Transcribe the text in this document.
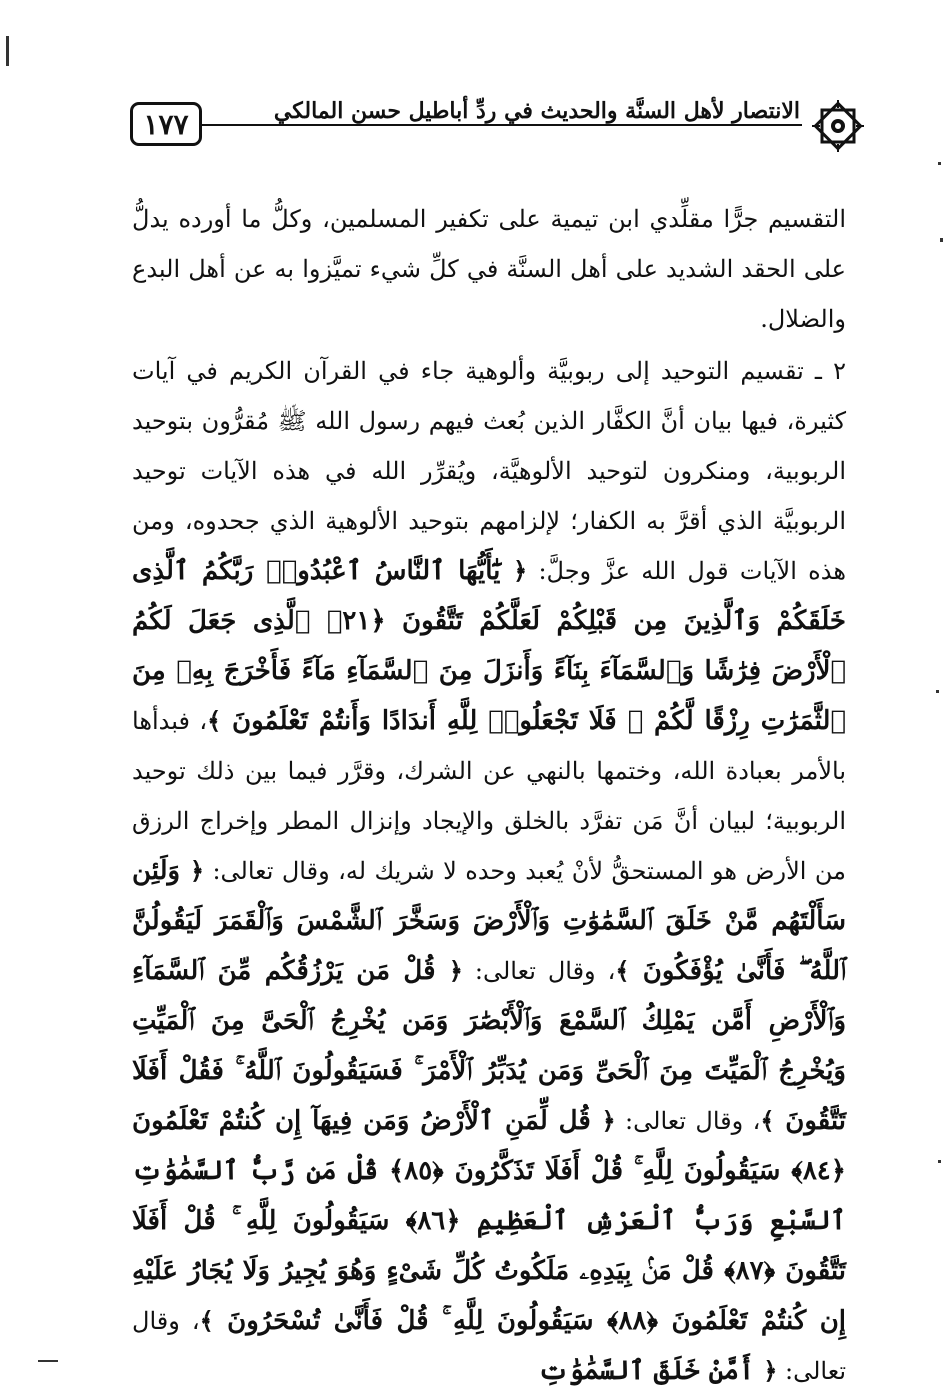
١٧٧	الانتصار لأهل السنَّة والحديث في ردِّ أباطيل حسن المالكي

التقسيم جرًّا مقلِّدي ابن تيمية على تكفير المسلمين، وكلُّ ما أورده يدلُّ على الحقد الشديد على أهل السنَّة في كلِّ شيء تميَّزوا به عن أهل البدع والضلال.

٢ ـ تقسيم التوحيد إلى ربوبيَّة وألوهية جاء في القرآن الكريم في آيات كثيرة، فيها بيان أنَّ الكفَّار الذين بُعث فيهم رسول الله ﷺ مُقرُّون بتوحيد الربوبية، ومنكرون لتوحيد الألوهيَّة، ويُقرِّر الله في هذه الآيات توحيد الربوبيَّة الذي أقرَّ به الكفار؛ لإلزامهم بتوحيد الألوهية الذي جحدوه، ومن هذه الآيات قول الله عزَّ وجلَّ: ﴿ يَٰٓأَيُّهَا ٱلنَّاسُ ٱعْبُدُوا۟ رَبَّكُمُ ٱلَّذِى خَلَقَكُمْ وَٱلَّذِينَ مِن قَبْلِكُمْ لَعَلَّكُمْ تَتَّقُونَ ﴿٢١﴾ ٱلَّذِى جَعَلَ لَكُمُ ٱلْأَرْضَ فِرَٰشًا وَٱلسَّمَآءَ بِنَآءً وَأَنزَلَ مِنَ ٱلسَّمَآءِ مَآءً فَأَخْرَجَ بِهِۦ مِنَ ٱلثَّمَرَٰتِ رِزْقًا لَّكُمْ ۖ فَلَا تَجْعَلُوا۟ لِلَّهِ أَندَادًا وَأَنتُمْ تَعْلَمُونَ ﴾، فبدأها بالأمر بعبادة الله، وختمها بالنهي عن الشرك، وقرَّر فيما بين ذلك توحيد الربوبية؛ لبيان أنَّ مَن تفرَّد بالخلق والإيجاد وإنزال المطر وإخراج الرزق من الأرض هو المستحقُّ لأنْ يُعبد وحده لا شريك له، وقال تعالى: ﴿ وَلَئِن سَأَلْتَهُم مَّنْ خَلَقَ ٱلسَّمَٰوَٰتِ وَٱلْأَرْضَ وَسَخَّرَ ٱلشَّمْسَ وَٱلْقَمَرَ لَيَقُولُنَّ ٱللَّهُ ۖ فَأَنَّىٰ يُؤْفَكُونَ ﴾، وقال تعالى: ﴿ قُلْ مَن يَرْزُقُكُم مِّنَ ٱلسَّمَآءِ وَٱلْأَرْضِ أَمَّن يَمْلِكُ ٱلسَّمْعَ وَٱلْأَبْصَٰرَ وَمَن يُخْرِجُ ٱلْحَىَّ مِنَ ٱلْمَيِّتِ وَيُخْرِجُ ٱلْمَيِّتَ مِنَ ٱلْحَىِّ وَمَن يُدَبِّرُ ٱلْأَمْرَ ۚ فَسَيَقُولُونَ ٱللَّهُ ۚ فَقُلْ أَفَلَا تَتَّقُونَ ﴾، وقال تعالى: ﴿ قُل لِّمَنِ ٱلْأَرْضُ وَمَن فِيهَآ إِن كُنتُمْ تَعْلَمُونَ ﴿٨٤﴾ سَيَقُولُونَ لِلَّهِ ۚ قُلْ أَفَلَا تَذَكَّرُونَ ﴿٨٥﴾ قُلْ مَن رَّبُّ ٱلسَّمَٰوَٰتِ ٱلسَّبْعِ وَرَبُّ ٱلْعَرْشِ ٱلْعَظِيمِ ﴿٨٦﴾ سَيَقُولُونَ لِلَّهِ ۚ قُلْ أَفَلَا تَتَّقُونَ ﴿٨٧﴾ قُلْ مَنۢ بِيَدِهِۦ مَلَكُوتُ كُلِّ شَىْءٍ وَهُوَ يُجِيرُ وَلَا يُجَارُ عَلَيْهِ إِن كُنتُمْ تَعْلَمُونَ ﴿٨٨﴾ سَيَقُولُونَ لِلَّهِ ۚ قُلْ فَأَنَّىٰ تُسْحَرُونَ ﴾، وقال تعالى: ﴿ أَمَّنْ خَلَقَ ٱلسَّمَٰوَٰتِ
